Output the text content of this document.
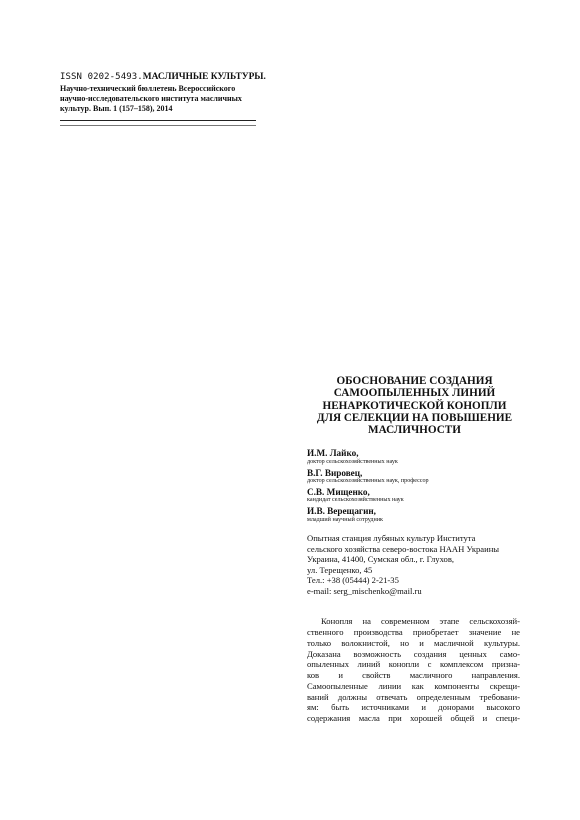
ISSN 0202-5493.МАСЛИЧНЫЕ КУЛЬТУРЫ.
Научно-технический бюллетень Всероссийского
научно-исследовательского института масличных
культур. Вып. 1 (157–158), 2014
ОБОСНОВАНИЕ СОЗДАНИЯ
САМООПЫЛЕННЫХ ЛИНИЙ
НЕНАРКОТИЧЕСКОЙ КОНОПЛИ
ДЛЯ СЕЛЕКЦИИ НА ПОВЫШЕНИЕ
МАСЛИЧНОСТИ
И.М. Лайко,
доктор сельскохозяйственных наук
В.Г. Вировец,
доктор сельскохозяйственных наук, профессор
С.В. Мищенко,
кандидат сельскохозяйственных наук
И.В. Верещагин,
младший научный сотрудник
Опытная станция лубяных культур Института
сельского хозяйства северо-востока НААН Украины
Украина, 41400, Сумская обл., г. Глухов,
ул. Терещенко, 45
Тел.: +38 (05444) 2-21-35
e-mail: serg_mischenko@mail.ru
Конопля на современном этапе сельскохозяй-
ственного производства приобретает значение не
только волокнистой, но и масличной культуры.
Доказана возможность создания ценных само-
опыленных линий конопли с комплексом призна-
ков и свойств масличного направления.
Самоопыленные линии как компоненты скрещи-
ваний должны отвечать определенным требовани-
ям: быть источниками и донорами высокого
содержания масла при хорошей общей и специ-
